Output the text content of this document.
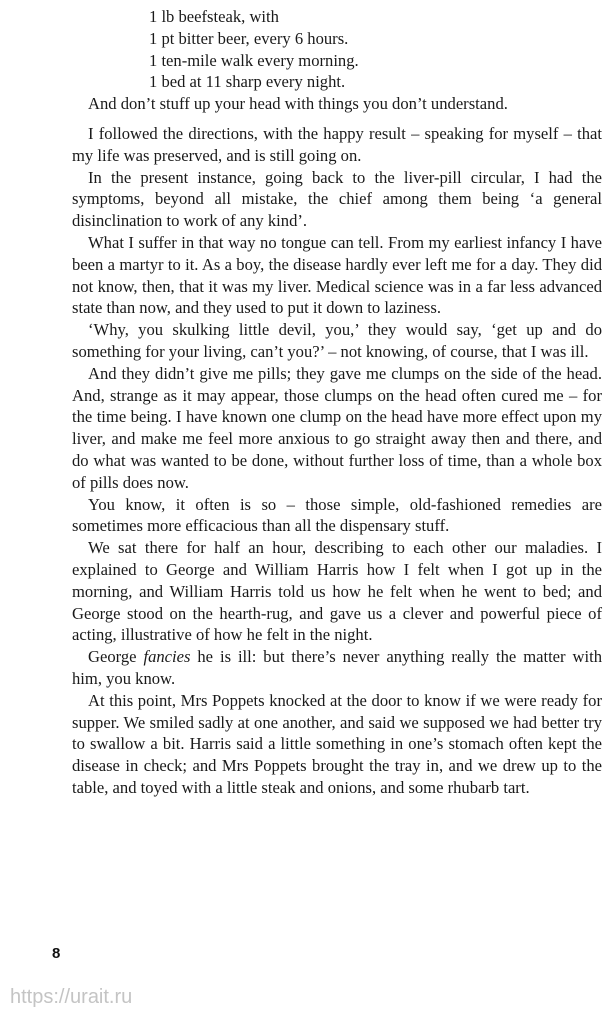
1 lb beefsteak, with
1 pt bitter beer, every 6 hours.
1 ten-mile walk every morning.
1 bed at 11 sharp every night.

And don’t stuff up your head with things you don’t understand.

I followed the directions, with the happy result – speaking for myself – that my life was preserved, and is still going on.

In the present instance, going back to the liver-pill circular, I had the symptoms, beyond all mistake, the chief among them being ‘a general disinclination to work of any kind’.

What I suffer in that way no tongue can tell. From my earliest infancy I have been a martyr to it. As a boy, the disease hardly ever left me for a day. They did not know, then, that it was my liver. Medical science was in a far less advanced state than now, and they used to put it down to laziness.

‘Why, you skulking little devil, you,’ they would say, ‘get up and do something for your living, can’t you?’ – not knowing, of course, that I was ill.

And they didn’t give me pills; they gave me clumps on the side of the head. And, strange as it may appear, those clumps on the head often cured me – for the time being. I have known one clump on the head have more effect upon my liver, and make me feel more anxious to go straight away then and there, and do what was wanted to be done, without further loss of time, than a whole box of pills does now.

You know, it often is so – those simple, old-fashioned remedies are sometimes more efficacious than all the dispensary stuff.

We sat there for half an hour, describing to each other our maladies. I explained to George and William Harris how I felt when I got up in the morning, and William Harris told us how he felt when he went to bed; and George stood on the hearth-rug, and gave us a clever and powerful piece of acting, illustrative of how he felt in the night.

George fancies he is ill: but there’s never anything really the matter with him, you know.

At this point, Mrs Poppets knocked at the door to know if we were ready for supper. We smiled sadly at one another, and said we supposed we had better try to swallow a bit. Harris said a little something in one’s stomach often kept the disease in check; and Mrs Poppets brought the tray in, and we drew up to the table, and toyed with a little steak and onions, and some rhubarb tart.

8
https://urait.ru
